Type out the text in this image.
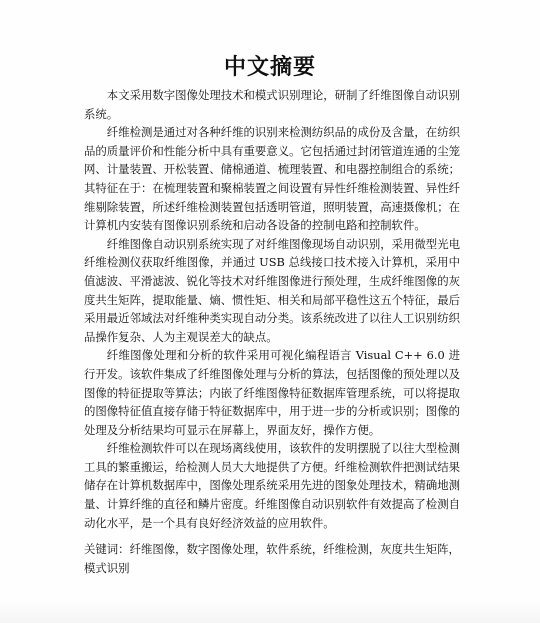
中文摘要

本文采用数字图像处理技术和模式识别理论，研制了纤维图像自动识别系统。

纤维检测是通过对各种纤维的识别来检测纺织品的成份及含量，在纺织品的质量评价和性能分析中具有重要意义。它包括通过封闭管道连通的尘笼网、计量装置、开松装置、储棉通道、梳理装置、和电器控制组合的系统；其特征在于：在梳理装置和聚棉装置之间设置有异性纤维检测装置、异性纤维剔除装置，所述纤维检测装置包括透明管道，照明装置，高速摄像机；在计算机内安装有图像识别系统和启动各设备的控制电路和控制软件。

纤维图像自动识别系统实现了对纤维图像现场自动识别，采用微型光电纤维检测仪获取纤维图像，并通过 USB 总线接口技术接入计算机，采用中值滤波、平滑滤波、锐化等技术对纤维图像进行预处理，生成纤维图像的灰度共生矩阵，提取能量、熵、惯性矩、相关和局部平稳性这五个特征，最后采用最近邻域法对纤维种类实现自动分类。该系统改进了以往人工识别纺织品操作复杂、人为主观误差大的缺点。

纤维图像处理和分析的软件采用可视化编程语言 Visual C++ 6.0 进行开发。该软件集成了纤维图像处理与分析的算法，包括图像的预处理以及图像的特征提取等算法；内嵌了纤维图像特征数据库管理系统，可以将提取的图像特征值直接存储于特征数据库中，用于进一步的分析或识别；图像的处理及分析结果均可显示在屏幕上，界面友好，操作方便。

纤维检测软件可以在现场离线使用，该软件的发明摆脱了以往大型检测工具的繁重搬运，给检测人员大大地提供了方便。纤维检测软件把测试结果储存在计算机数据库中，图像处理系统采用先进的图象处理技术，精确地测量、计算纤维的直径和鳞片密度。纤维图像自动识别软件有效提高了检测自动化水平，是一个具有良好经济效益的应用软件。

关键词：纤维图像，数字图像处理，软件系统，纤维检测，灰度共生矩阵，模式识别
